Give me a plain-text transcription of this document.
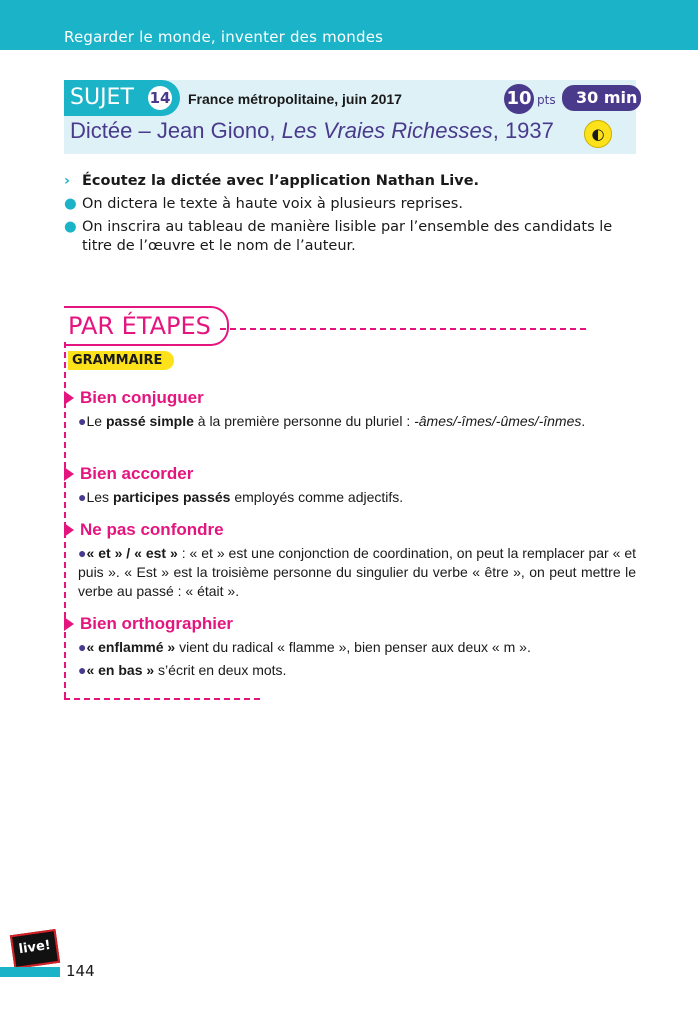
Regarder le monde, inventer des mondes
SUJET	14 France métropolitaine, juin 2017	10 pts	30 min
Dictée – Jean Giono, Les Vraies Richesses, 1937	◐
› Écoutez la dictée avec l’application Nathan Live.
● On dictera le texte à haute voix à plusieurs reprises.
● On inscrira au tableau de manière lisible par l’ensemble des candidats le titre de l’œuvre et le nom de l’auteur.
PAR ÉTAPES
GRAMMAIRE
Bien conjuguer

●Le passé simple à la première personne du pluriel : -âmes/-îmes/-ûmes/-înmes.

Bien accorder

●Les participes passés employés comme adjectifs.

Ne pas confondre

●« et » / « est » : « et » est une conjonction de coordination, on peut la remplacer par « et puis ». « Est » est la troisième personne du singulier du verbe « être », on peut mettre le verbe au passé : « était ».

Bien orthographier

●« enflammé » vient du radical « flamme », bien penser aux deux « m ».

●« en bas » s’écrit en deux mots.

live!
144
